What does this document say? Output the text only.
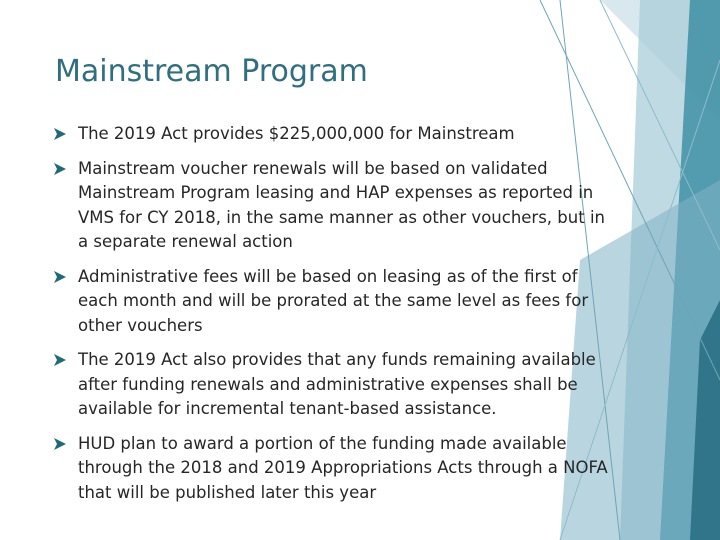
Mainstream Program
The 2019 Act provides $225,000,000 for Mainstream
Mainstream voucher renewals will be based on validated Mainstream Program leasing and HAP expenses as reported in VMS for CY 2018, in the same manner as other vouchers, but in a separate renewal action
Administrative fees will be based on leasing as of the first of each month and will be prorated at the same level as fees for other vouchers
The 2019 Act also provides that any funds remaining available after funding renewals and administrative expenses shall be available for incremental tenant-based assistance.
HUD plan to award a portion of the funding made available through the 2018 and 2019 Appropriations Acts through a NOFA that will be published later this year
